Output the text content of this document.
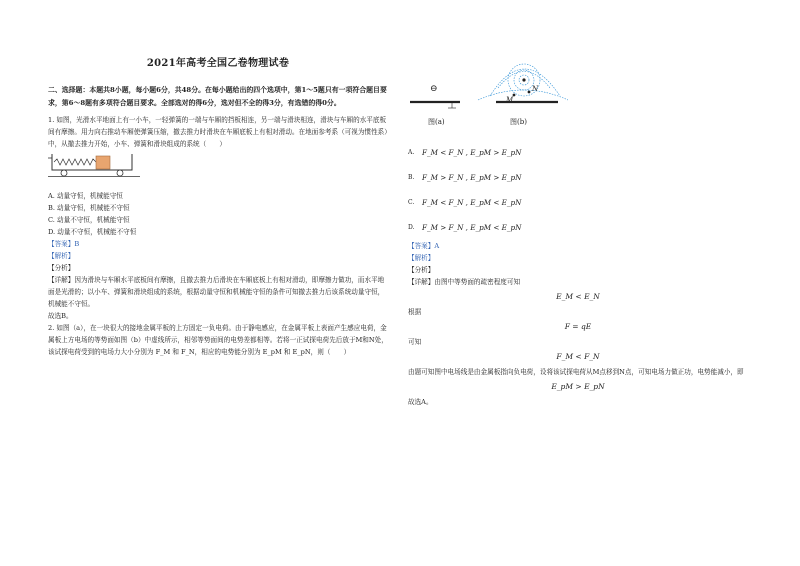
2021年高考全国乙卷物理试卷
二、选择题：本题共8小题，每小题6分，共48分。在每小题给出的四个选项中，第1～5题只有一项符合题目要求，第6～8题有多项符合题目要求。全部选对的得6分，选对但不全的得3分，有选错的得0分。

1. 如图，光滑水平地面上有一小车，一轻弹簧的一端与车厢的挡板相连，另一端与滑块相连，滑块与车厢的水平底板间有摩擦。用力向右推动车厢使弹簧压缩，撤去推力时滑块在车厢底板上有相对滑动。在地面参考系（可视为惯性系）中，从撤去推力开始，小车、弹簧和滑块组成的系统（　　）

A. 动量守恒，机械能守恒

B. 动量守恒，机械能不守恒

C. 动量不守恒，机械能守恒

D. 动量不守恒，机械能不守恒

【答案】B

【解析】

【分析】

【详解】因为滑块与车厢水平底板间有摩擦，且撤去推力后滑块在车厢底板上有相对滑动，即摩擦力做功，而水平地面是光滑的；以小车、弹簧和滑块组成的系统，根据动量守恒和机械能守恒的条件可知撤去推力后该系统动量守恒，机械能不守恒。

故选B。

2. 如图（a），在一块很大的接地金属平板的上方固定一负电荷。由于静电感应，在金属平板上表面产生感应电荷，金属板上方电场的等势面如图（b）中虚线所示，相邻等势面间的电势差都相等。若将一正试探电荷先后放于M和N处，该试探电荷受到的电场力大小分别为 F_M 和 F_N，相应的电势能分别为 E_pM 和 E_pN，则（　　）

⊖
图(a)
M
N
图(b)
A.	F_M < F_N , E_pM > E_pN
B.	F_M > F_N , E_pM > E_pN
C.	F_M < F_N , E_pM < E_pN
D.	F_M > F_N , E_pM < E_pN

【答案】A

【解析】

【分析】

【详解】由图中等势面的疏密程度可知

E_M < E_N

根据

F = qE

可知

F_M < F_N

由题可知图中电场线是由金属板指向负电荷，设将该试探电荷从M点移到N点，可知电场力做正功，电势能减小，即

E_pM > E_pN

故选A。
